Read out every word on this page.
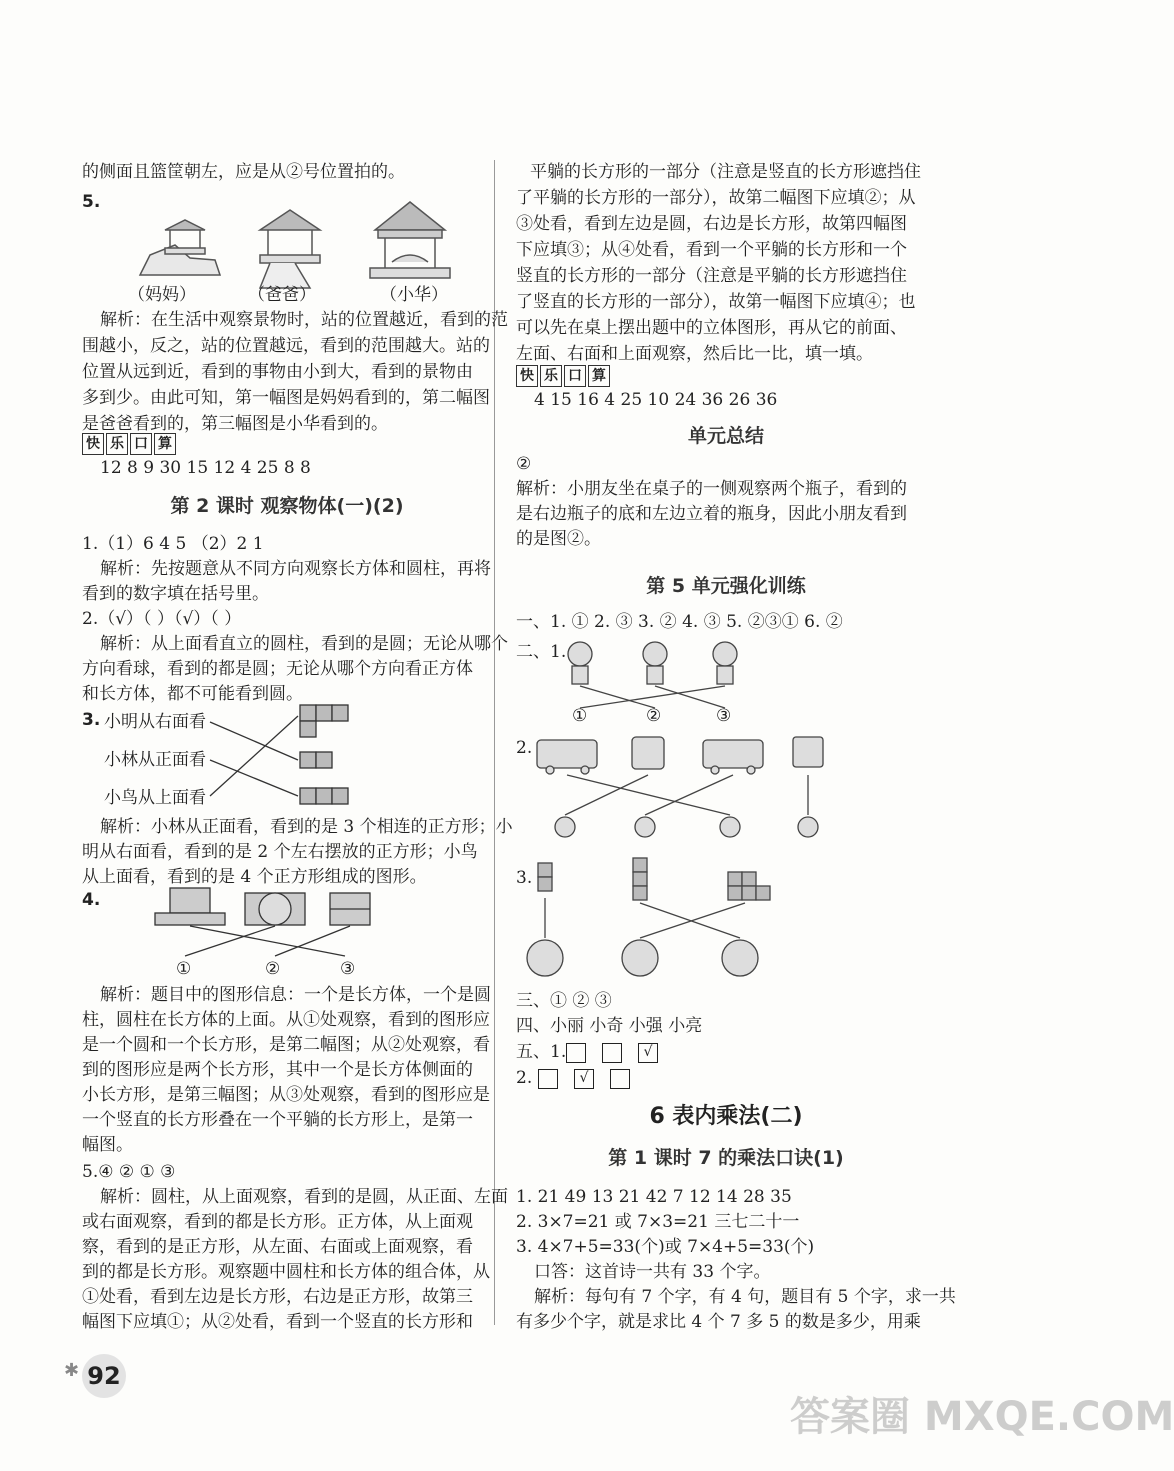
的侧面且篮筐朝左，应是从②号位置拍的。
5.
（妈妈）	（爸爸）	（小华）
解析：在生活中观察景物时，站的位置越近，看到的范
围越小，反之，站的位置越远，看到的范围越大。站的
位置从远到近，看到的事物由小到大，看到的景物由
多到少。由此可知，第一幅图是妈妈看到的，第二幅图
是爸爸看到的，第三幅图是小华看到的。
快 乐 口 算
12 8 9 30 15 12 4 25 8 8
第 2 课时 观察物体(一)(2)
1.（1）6 4 5 （2）2 1
解析：先按题意从不同方向观察长方体和圆柱，再将
看到的数字填在括号里。
2.（√）（ ）（√）（ ）
解析：从上面看直立的圆柱，看到的是圆；无论从哪个
方向看球，看到的都是圆；无论从哪个方向看正方体
和长方体，都不可能看到圆。
3. 小明从右面看
小林从正面看
小鸟从上面看
解析：小林从正面看，看到的是 3 个相连的正方形；小
明从右面看，看到的是 2 个左右摆放的正方形；小鸟
从上面看，看到的是 4 个正方形组成的图形。
4.
①	②	③
解析：题目中的图形信息：一个是长方体，一个是圆
柱，圆柱在长方体的上面。从①处观察，看到的图形应
是一个圆和一个长方形，是第二幅图；从②处观察，看
到的图形应是两个长方形，其中一个是长方体侧面的
小长方形，是第三幅图；从③处观察，看到的图形应是
一个竖直的长方形叠在一个平躺的长方形上，是第一
幅图。
5.④ ② ① ③
解析：圆柱，从上面观察，看到的是圆，从正面、左面
或右面观察，看到的都是长方形。正方体，从上面观
察，看到的是正方形，从左面、右面或上面观察，看
到的都是长方形。观察题中圆柱和长方体的组合体，从
①处看，看到左边是长方形，右边是正方形，故第三
幅图下应填①；从②处看，看到一个竖直的长方形和
平躺的长方形的一部分（注意是竖直的长方形遮挡住
了平躺的长方形的一部分），故第二幅图下应填②；从
③处看，看到左边是圆，右边是长方形，故第四幅图
下应填③；从④处看，看到一个平躺的长方形和一个
竖直的长方形的一部分（注意是平躺的长方形遮挡住
了竖直的长方形的一部分），故第一幅图下应填④；也
可以先在桌上摆出题中的立体图形，再从它的前面、
左面、右面和上面观察，然后比一比，填一填。
快 乐 口 算
4 15 16 4 25 10 24 36 26 36
单元总结
②
解析：小朋友坐在桌子的一侧观察两个瓶子，看到的
是右边瓶子的底和左边立着的瓶身，因此小朋友看到
的是图②。
第 5 单元强化训练
一、1. ① 2. ③ 3. ② 4. ③ 5. ②③① 6. ②
二、1.
①	②	③
2.
3.
三、① ② ③
四、小丽 小奇 小强 小亮
五、1.	√
2.	√
6 表内乘法(二)
第 1 课时 7 的乘法口诀(1)
1. 21 49 13 21 42 7 12 14 28 35
2. 3×7=21 或 7×3=21 三七二十一
3. 4×7+5=33(个)或 7×4+5=33(个)
口答：这首诗一共有 33 个字。
解析：每句有 7 个字，有 4 句，题目有 5 个字，求一共
有多少个字，就是求比 4 个 7 多 5 的数是多少，用乘
✱ 92
答案圈 MXQE.COM
